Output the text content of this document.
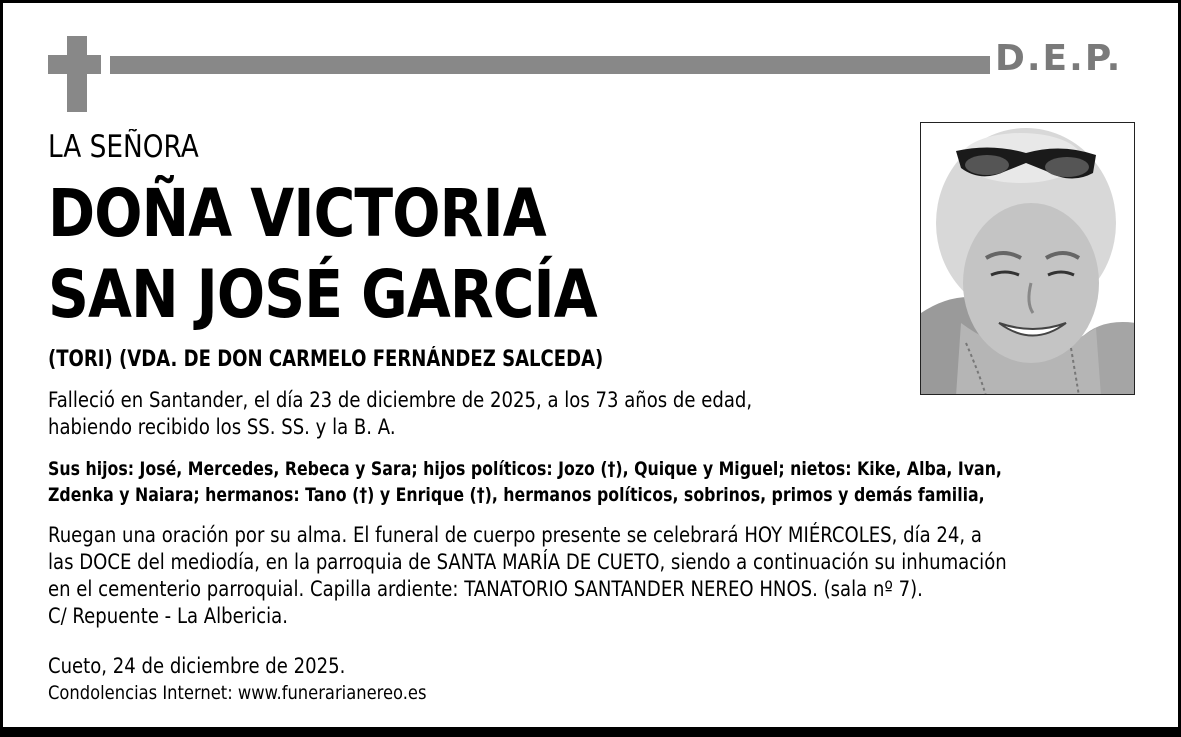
D.E.P.
LA SEÑORA
DOÑA VICTORIA
SAN JOSÉ GARCÍA
(TORI) (VDA. DE DON CARMELO FERNÁNDEZ SALCEDA)
Falleció en Santander, el día 23 de diciembre de 2025, a los 73 años de edad,
habiendo recibido los SS. SS. y la B. A.
Sus hijos: José, Mercedes, Rebeca y Sara; hijos políticos: Jozo (†), Quique y Miguel; nietos: Kike, Alba, Ivan,
Zdenka y Naiara; hermanos: Tano (†) y Enrique (†), hermanos políticos, sobrinos, primos y demás familia,
Ruegan una oración por su alma. El funeral de cuerpo presente se celebrará HOY MIÉRCOLES, día 24, a
las DOCE del mediodía, en la parroquia de SANTA MARÍA DE CUETO, siendo a continuación su inhumación
en el cementerio parroquial. Capilla ardiente: TANATORIO SANTANDER NEREO HNOS. (sala nº 7).
C/ Repuente - La Albericia.
Cueto, 24 de diciembre de 2025.
Condolencias Internet: www.funerarianereo.es
